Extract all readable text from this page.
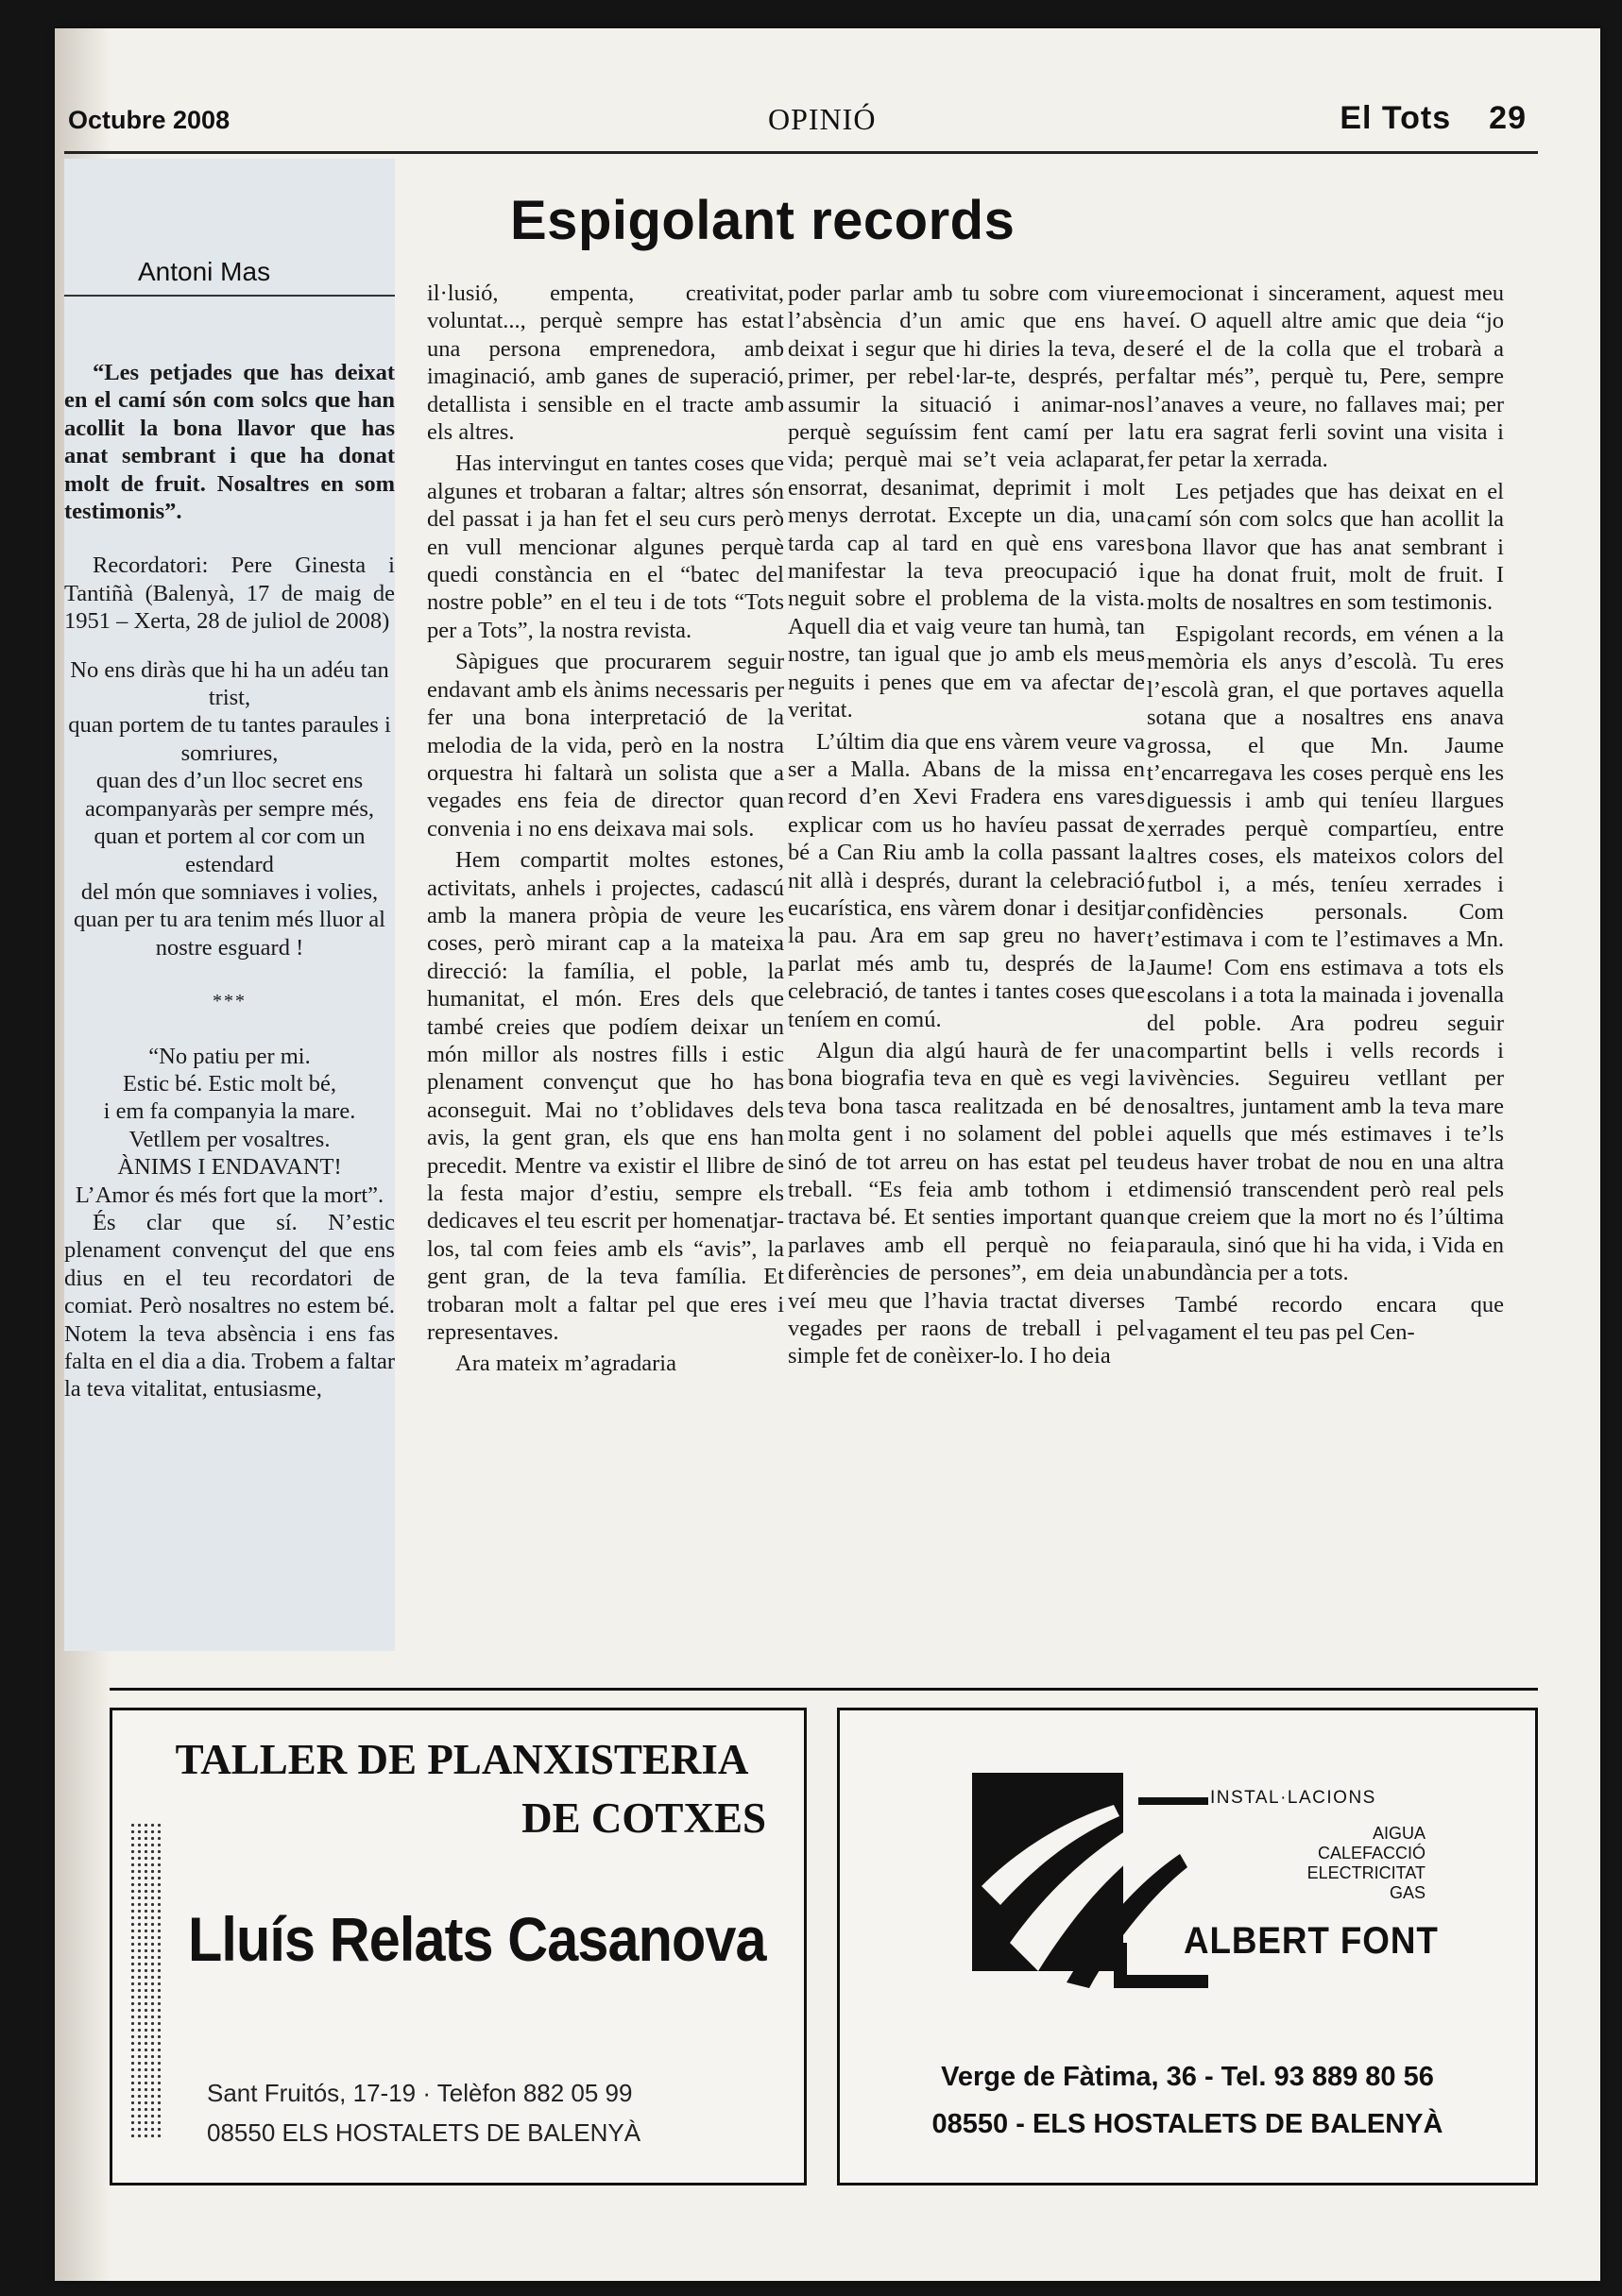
Octubre 2008	OPINIÓ	El Tots 29
Espigolant records
Antoni Mas

“Les petjades que has deixat en el camí són com solcs que han acollit la bona llavor que has anat sembrant i que ha donat molt de fruit. Nosaltres en som testimonis”.

Recordatori: Pere Ginesta i Tantiñà (Balenyà, 17 de maig de 1951 – Xerta, 28 de juliol de 2008)

No ens diràs que hi ha un adéu tan trist,
quan portem de tu tantes paraules i somriures,
quan des d’un lloc secret ens acompanyaràs per sempre més,
quan et portem al cor com un estendard
del món que somniaves i volies,
quan per tu ara tenim més lluor al nostre esguard !
***
“No patiu per mi.
Estic bé. Estic molt bé,
i em fa companyia la mare.
Vetllem per vosaltres.
ÀNIMS I ENDAVANT!
L’Amor és més fort que la mort”.

És clar que sí. N’estic plenament convençut del que ens dius en el teu recordatori de comiat. Però nosaltres no estem bé. Notem la teva absència i ens fas falta en el dia a dia. Trobem a faltar la teva vitalitat, entusiasme,

il·lusió, empenta, creativitat, voluntat..., perquè sempre has estat una persona emprenedora, amb imaginació, amb ganes de superació, detallista i sensible en el tracte amb els altres.

Has intervingut en tantes coses que algunes et trobaran a faltar; altres són del passat i ja han fet el seu curs però en vull mencionar algunes perquè quedi constància en el “batec del nostre poble” en el teu i de tots “Tots per a Tots”, la nostra revista.

Sàpigues que procurarem seguir endavant amb els ànims necessaris per fer una bona interpretació de la melodia de la vida, però en la nostra orquestra hi faltarà un solista que a vegades ens feia de director quan convenia i no ens deixava mai sols.

Hem compartit moltes estones, activitats, anhels i projectes, cadascú amb la manera pròpia de veure les coses, però mirant cap a la mateixa direcció: la família, el poble, la humanitat, el món. Eres dels que també creies que podíem deixar un món millor als nostres fills i estic plenament convençut que ho has aconseguit. Mai no t’oblidaves dels avis, la gent gran, els que ens han precedit. Mentre va existir el llibre de la festa major d’estiu, sempre els dedicaves el teu escrit per homenatjar-los, tal com feies amb els “avis”, la gent gran, de la teva família. Et trobaran molt a faltar pel que eres i representaves.

Ara mateix m’agradaria

poder parlar amb tu sobre com viure l’absència d’un amic que ens ha deixat i segur que hi diries la teva, de primer, per rebel·lar-te, després, per assumir la situació i animar-nos perquè seguíssim fent camí per la vida; perquè mai se’t veia aclaparat, ensorrat, desanimat, deprimit i molt menys derrotat. Excepte un dia, una tarda cap al tard en què ens vares manifestar la teva preocupació i neguit sobre el problema de la vista. Aquell dia et vaig veure tan humà, tan nostre, tan igual que jo amb els meus neguits i penes que em va afectar de veritat.

L’últim dia que ens vàrem veure va ser a Malla. Abans de la missa en record d’en Xevi Fradera ens vares explicar com us ho havíeu passat de bé a Can Riu amb la colla passant la nit allà i després, durant la celebració eucarística, ens vàrem donar i desitjar la pau. Ara em sap greu no haver parlat més amb tu, després de la celebració, de tantes i tantes coses que teníem en comú.

Algun dia algú haurà de fer una bona biografia teva en què es vegi la teva bona tasca realitzada en bé de molta gent i no solament del poble sinó de tot arreu on has estat pel teu treball. “Es feia amb tothom i et tractava bé. Et senties important quan parlaves amb ell perquè no feia diferències de persones”, em deia un veí meu que l’havia tractat diverses vegades per raons de treball i pel simple fet de conèixer-lo. I ho deia

emocionat i sincerament, aquest meu veí. O aquell altre amic que deia “jo seré el de la colla que el trobarà a faltar més”, perquè tu, Pere, sempre l’anaves a veure, no fallaves mai; per tu era sagrat ferli sovint una visita i fer petar la xerrada.

Les petjades que has deixat en el camí són com solcs que han acollit la bona llavor que has anat sembrant i que ha donat fruit, molt de fruit. I molts de nosaltres en som testimonis.

Espigolant records, em vénen a la memòria els anys d’escolà. Tu eres l’escolà gran, el que portaves aquella sotana que a nosaltres ens anava grossa, el que Mn. Jaume t’encarregava les coses perquè ens les diguessis i amb qui teníeu llargues xerrades perquè compartíeu, entre altres coses, els mateixos colors del futbol i, a més, teníeu xerrades i confidències personals. Com t’estimava i com te l’estimaves a Mn. Jaume! Com ens estimava a tots els escolans i a tota la mainada i jovenalla del poble. Ara podreu seguir compartint bells i vells records i vivències. Seguireu vetllant per nosaltres, juntament amb la teva mare i aquells que més estimaves i te’ls deus haver trobat de nou en una altra dimensió transcendent però real pels que creiem que la mort no és l’última paraula, sinó que hi ha vida, i Vida en abundància per a tots.

També recordo encara que vagament el teu pas pel Cen-

TALLER DE PLANXISTERIA
DE COTXES
Lluís Relats Casanova
Sant Fruitós, 17-19 · Telèfon 882 05 99
08550 ELS HOSTALETS DE BALENYÀ
INSTAL·LACIONS
AIGUA
CALEFACCIÓ
ELECTRICITAT
GAS
ALBERT FONT
Verge de Fàtima, 36 - Tel. 93 889 80 56
08550 - ELS HOSTALETS DE BALENYÀ
